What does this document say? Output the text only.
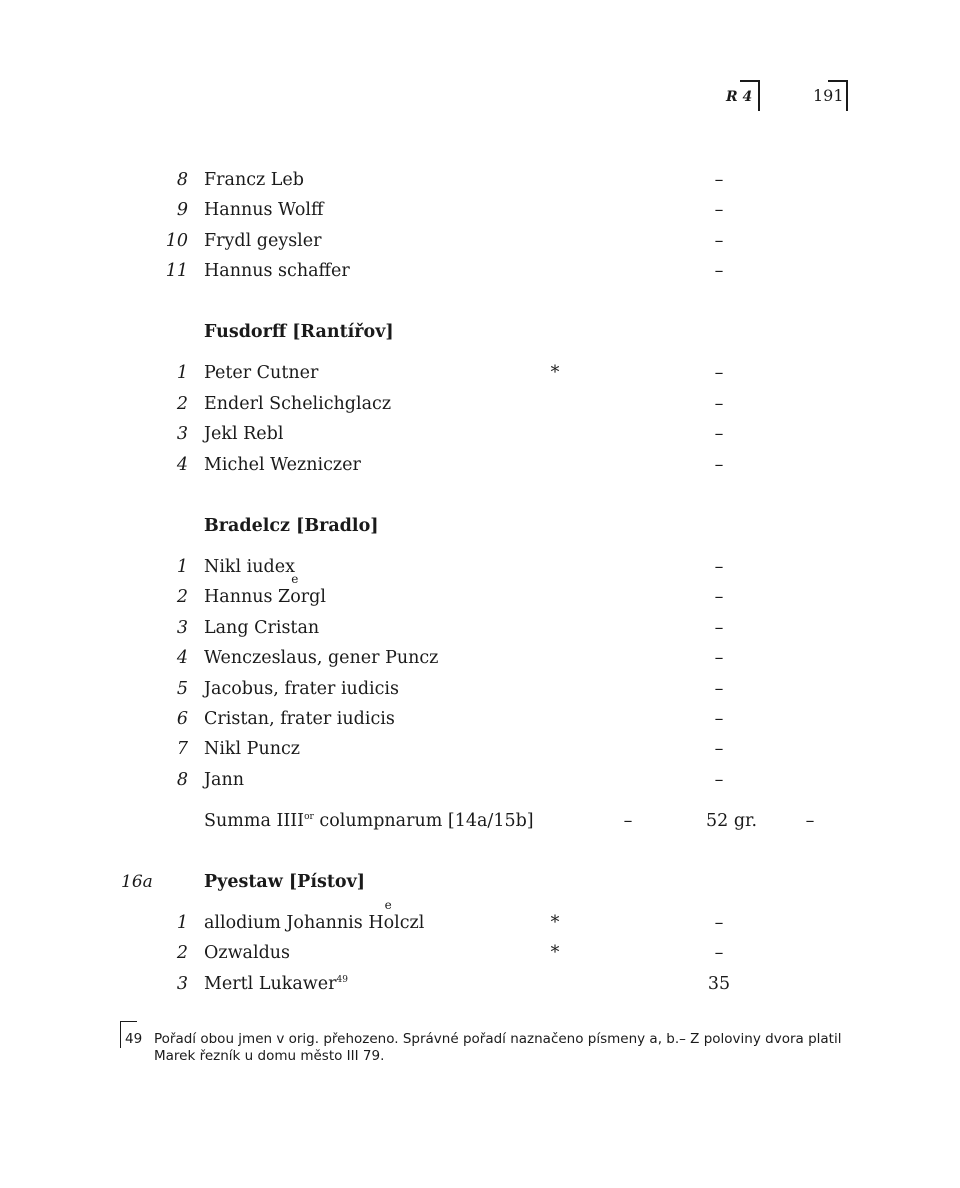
R 4	191
8 Francz Leb	–
9 Hannus Wolff	–
10 Frydl geysler	–
11 Hannus schaffer	–
Fusdorff [Rantířov]
1 Peter Cutner	*	–
2 Enderl Schelichglacz	–
3 Jekl Rebl	–
4 Michel Wezniczer	–
Bradelcz [Bradlo]
1 Nikl iudex	–
2 Hannus Zo
e
rgl	–
3 Lang Cristan	–
4 Wenczeslaus, gener Puncz	–
5 Jacobus, frater iudicis	–
6 Cristan, frater iudicis	–
7 Nikl Puncz	–
8 Jann	–
Summa $IIII^{or}$ columpnarum [14a/15b]	–	52 gr.	–
16a	Pyestaw [Pístov]
1 allodium Johannis Ho
e
lczl	*	–
2 Ozwaldus	*	–
3 Mertl Lukawer$^{49}$	35
49 Pořadí obou jmen v orig. přehozeno. Správné pořadí naznačeno písmeny a, b.– Z poloviny dvora platil Marek řezník u domu město III 79.
